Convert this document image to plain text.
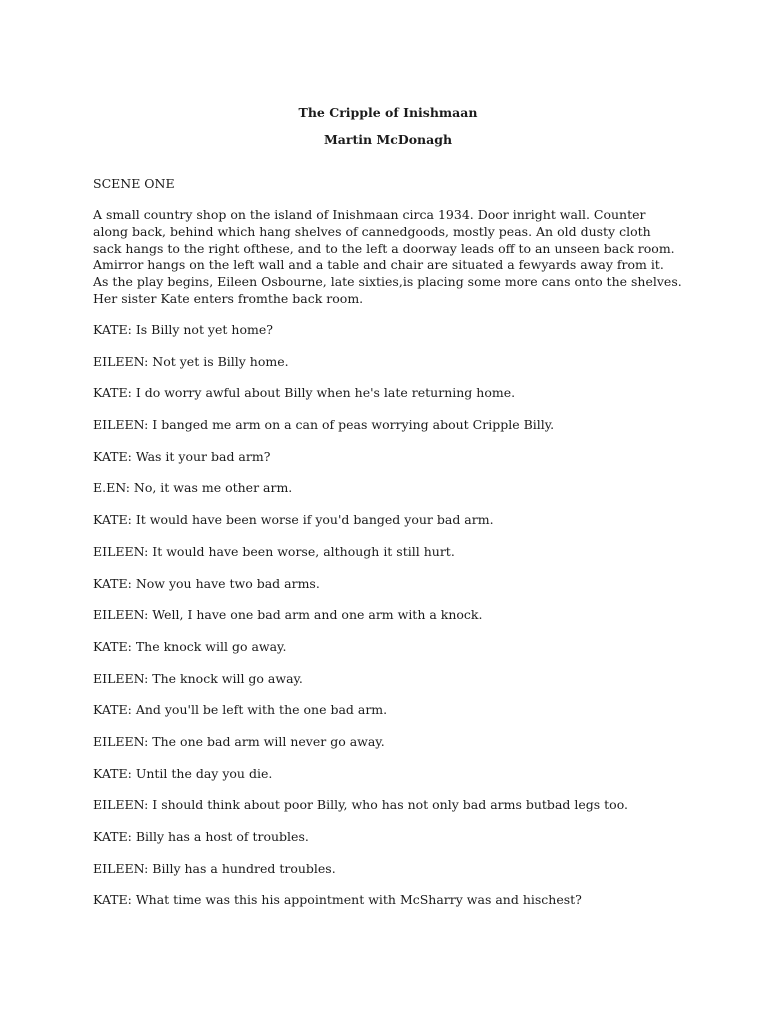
The Cripple of Inishmaan

Martin McDonagh

SCENE ONE

A small country shop on the island of Inishmaan circa 1934. Door inright wall. Counter along back, behind which hang shelves of cannedgoods, mostly peas. An old dusty cloth sack hangs to the right ofthese, and to the left a doorway leads off to an unseen back room. Amirror hangs on the left wall and a table and chair are situated a fewyards away from it. As the play begins, Eileen Osbourne, late sixties,is placing some more cans onto the shelves. Her sister Kate enters fromthe back room.

KATE: Is Billy not yet home?
EILEEN: Not yet is Billy home.
KATE: I do worry awful about Billy when he's late returning home.
EILEEN: I banged me arm on a can of peas worrying about Cripple Billy.
KATE: Was it your bad arm?
E.EN: No, it was me other arm.
KATE: It would have been worse if you'd banged your bad arm.
EILEEN: It would have been worse, although it still hurt.
KATE: Now you have two bad arms.
EILEEN: Well, I have one bad arm and one arm with a knock.
KATE: The knock will go away.
EILEEN: The knock will go away.
KATE: And you'll be left with the one bad arm.
EILEEN: The one bad arm will never go away.
KATE: Until the day you die.
EILEEN: I should think about poor Billy, who has not only bad arms butbad legs too.
KATE: Billy has a host of troubles.
EILEEN: Billy has a hundred troubles.
KATE: What time was this his appointment with McSharry was and hischest?
